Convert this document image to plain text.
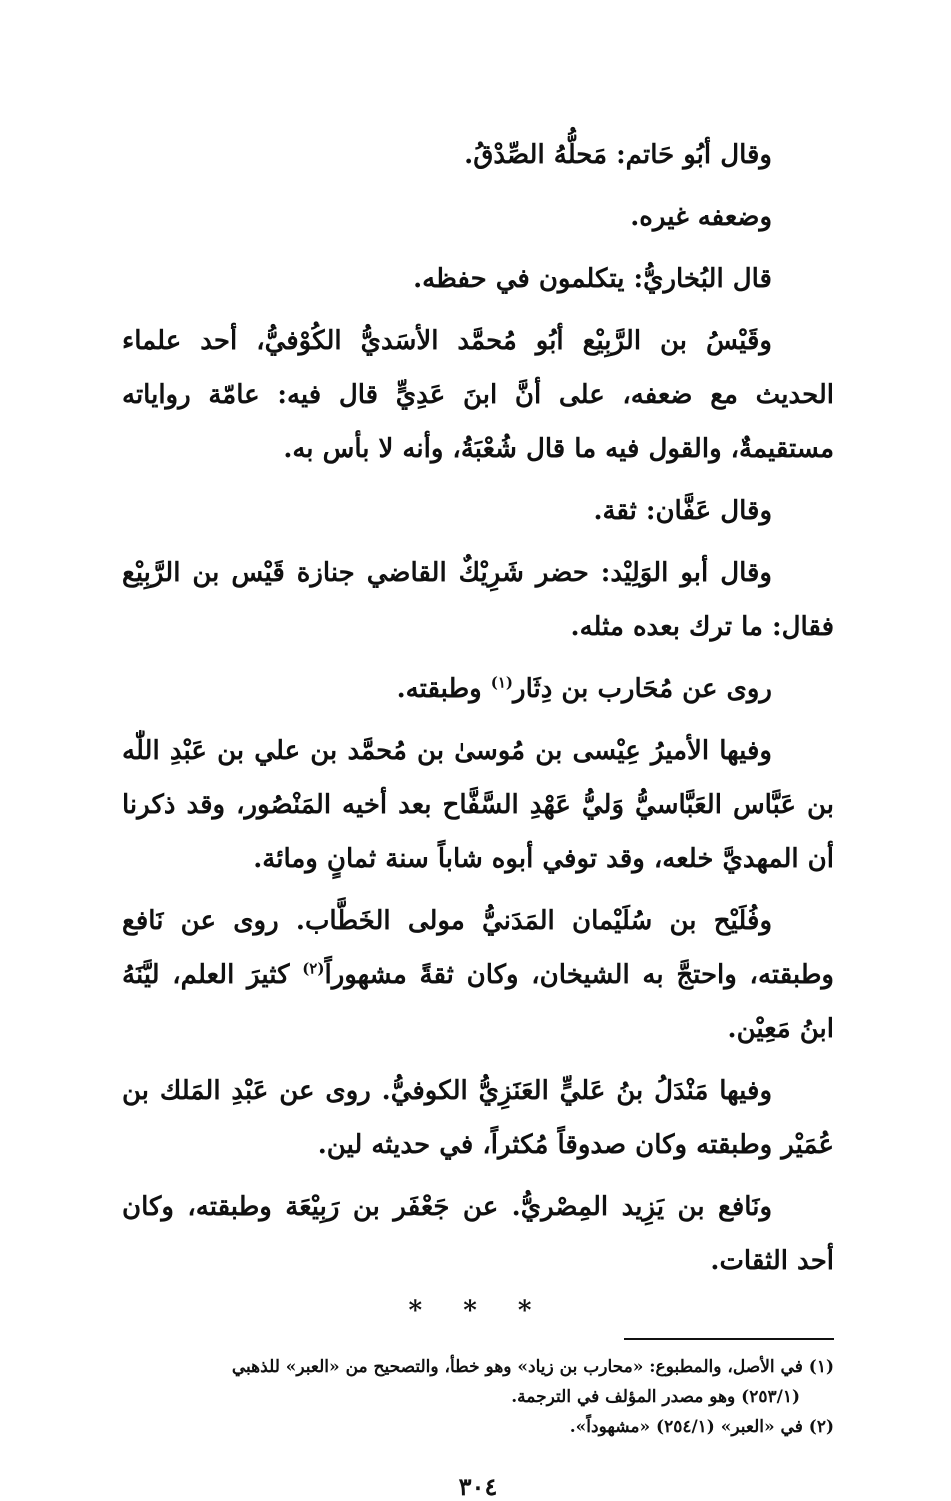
وقال أبُو حَاتم: مَحلُّهُ الصِّدْقُ.

وضعفه غيره.

قال البُخاريُّ: يتكلمون في حفظه.

وقَيْسُ بن الرَّبِيْع أبُو مُحمَّد الأسَديُّ الكُوْفيُّ، أحد علماء الحديث مع ضعفه، على أنَّ ابنَ عَدِيٍّ قال فيه: عامّة رواياته مستقيمةٌ، والقول فيه ما قال شُعْبَةُ، وأنه لا بأس به.

وقال عَفَّان: ثقة.

وقال أبو الوَلِيْد: حضر شَرِيْكٌ القاضي جنازة قَيْس بن الرَّبِيْع فقال: ما ترك بعده مثله.

روى عن مُحَارب بن دِثَار$^{(١)}$ وطبقته.

وفيها الأميرُ عِيْسى بن مُوسىٰ بن مُحمَّد بن علي بن عَبْدِ اللّٰه بن عَبَّاس العَبَّاسيُّ وَليُّ عَهْدِ السَّفَّاح بعد أخيه المَنْصُور، وقد ذكرنا أن المهديَّ خلعه، وقد توفي أبوه شاباً سنة ثمانٍ ومائة.

وفُلَيْح بن سُلَيْمان المَدَنيُّ مولى الخَطَّاب. روى عن نَافع وطبقته، واحتجَّ به الشيخان، وكان ثقةً مشهوراً$^{(٢)}$ كثيرَ العلم، ليَّنَهُ ابنُ مَعِيْن.

وفيها مَنْدَلُ بنُ عَليٍّ العَنَزِيُّ الكوفيُّ. روى عن عَبْدِ المَلك بن عُمَيْر وطبقته وكان صدوقاً مُكثراً، في حديثه لين.

ونَافع بن يَزِيد المِصْريُّ. عن جَعْفَر بن رَبِيْعَة وطبقته، وكان أحد الثقات.

* * *

(١) في الأصل، والمطبوع: «محارب بن زياد» وهو خطأ، والتصحيح من «العبر» للذهبي

(٢٥٣/١) وهو مصدر المؤلف في الترجمة.

(٢) في «العبر» (٢٥٤/١) «مشهوداً».

٣٠٤
